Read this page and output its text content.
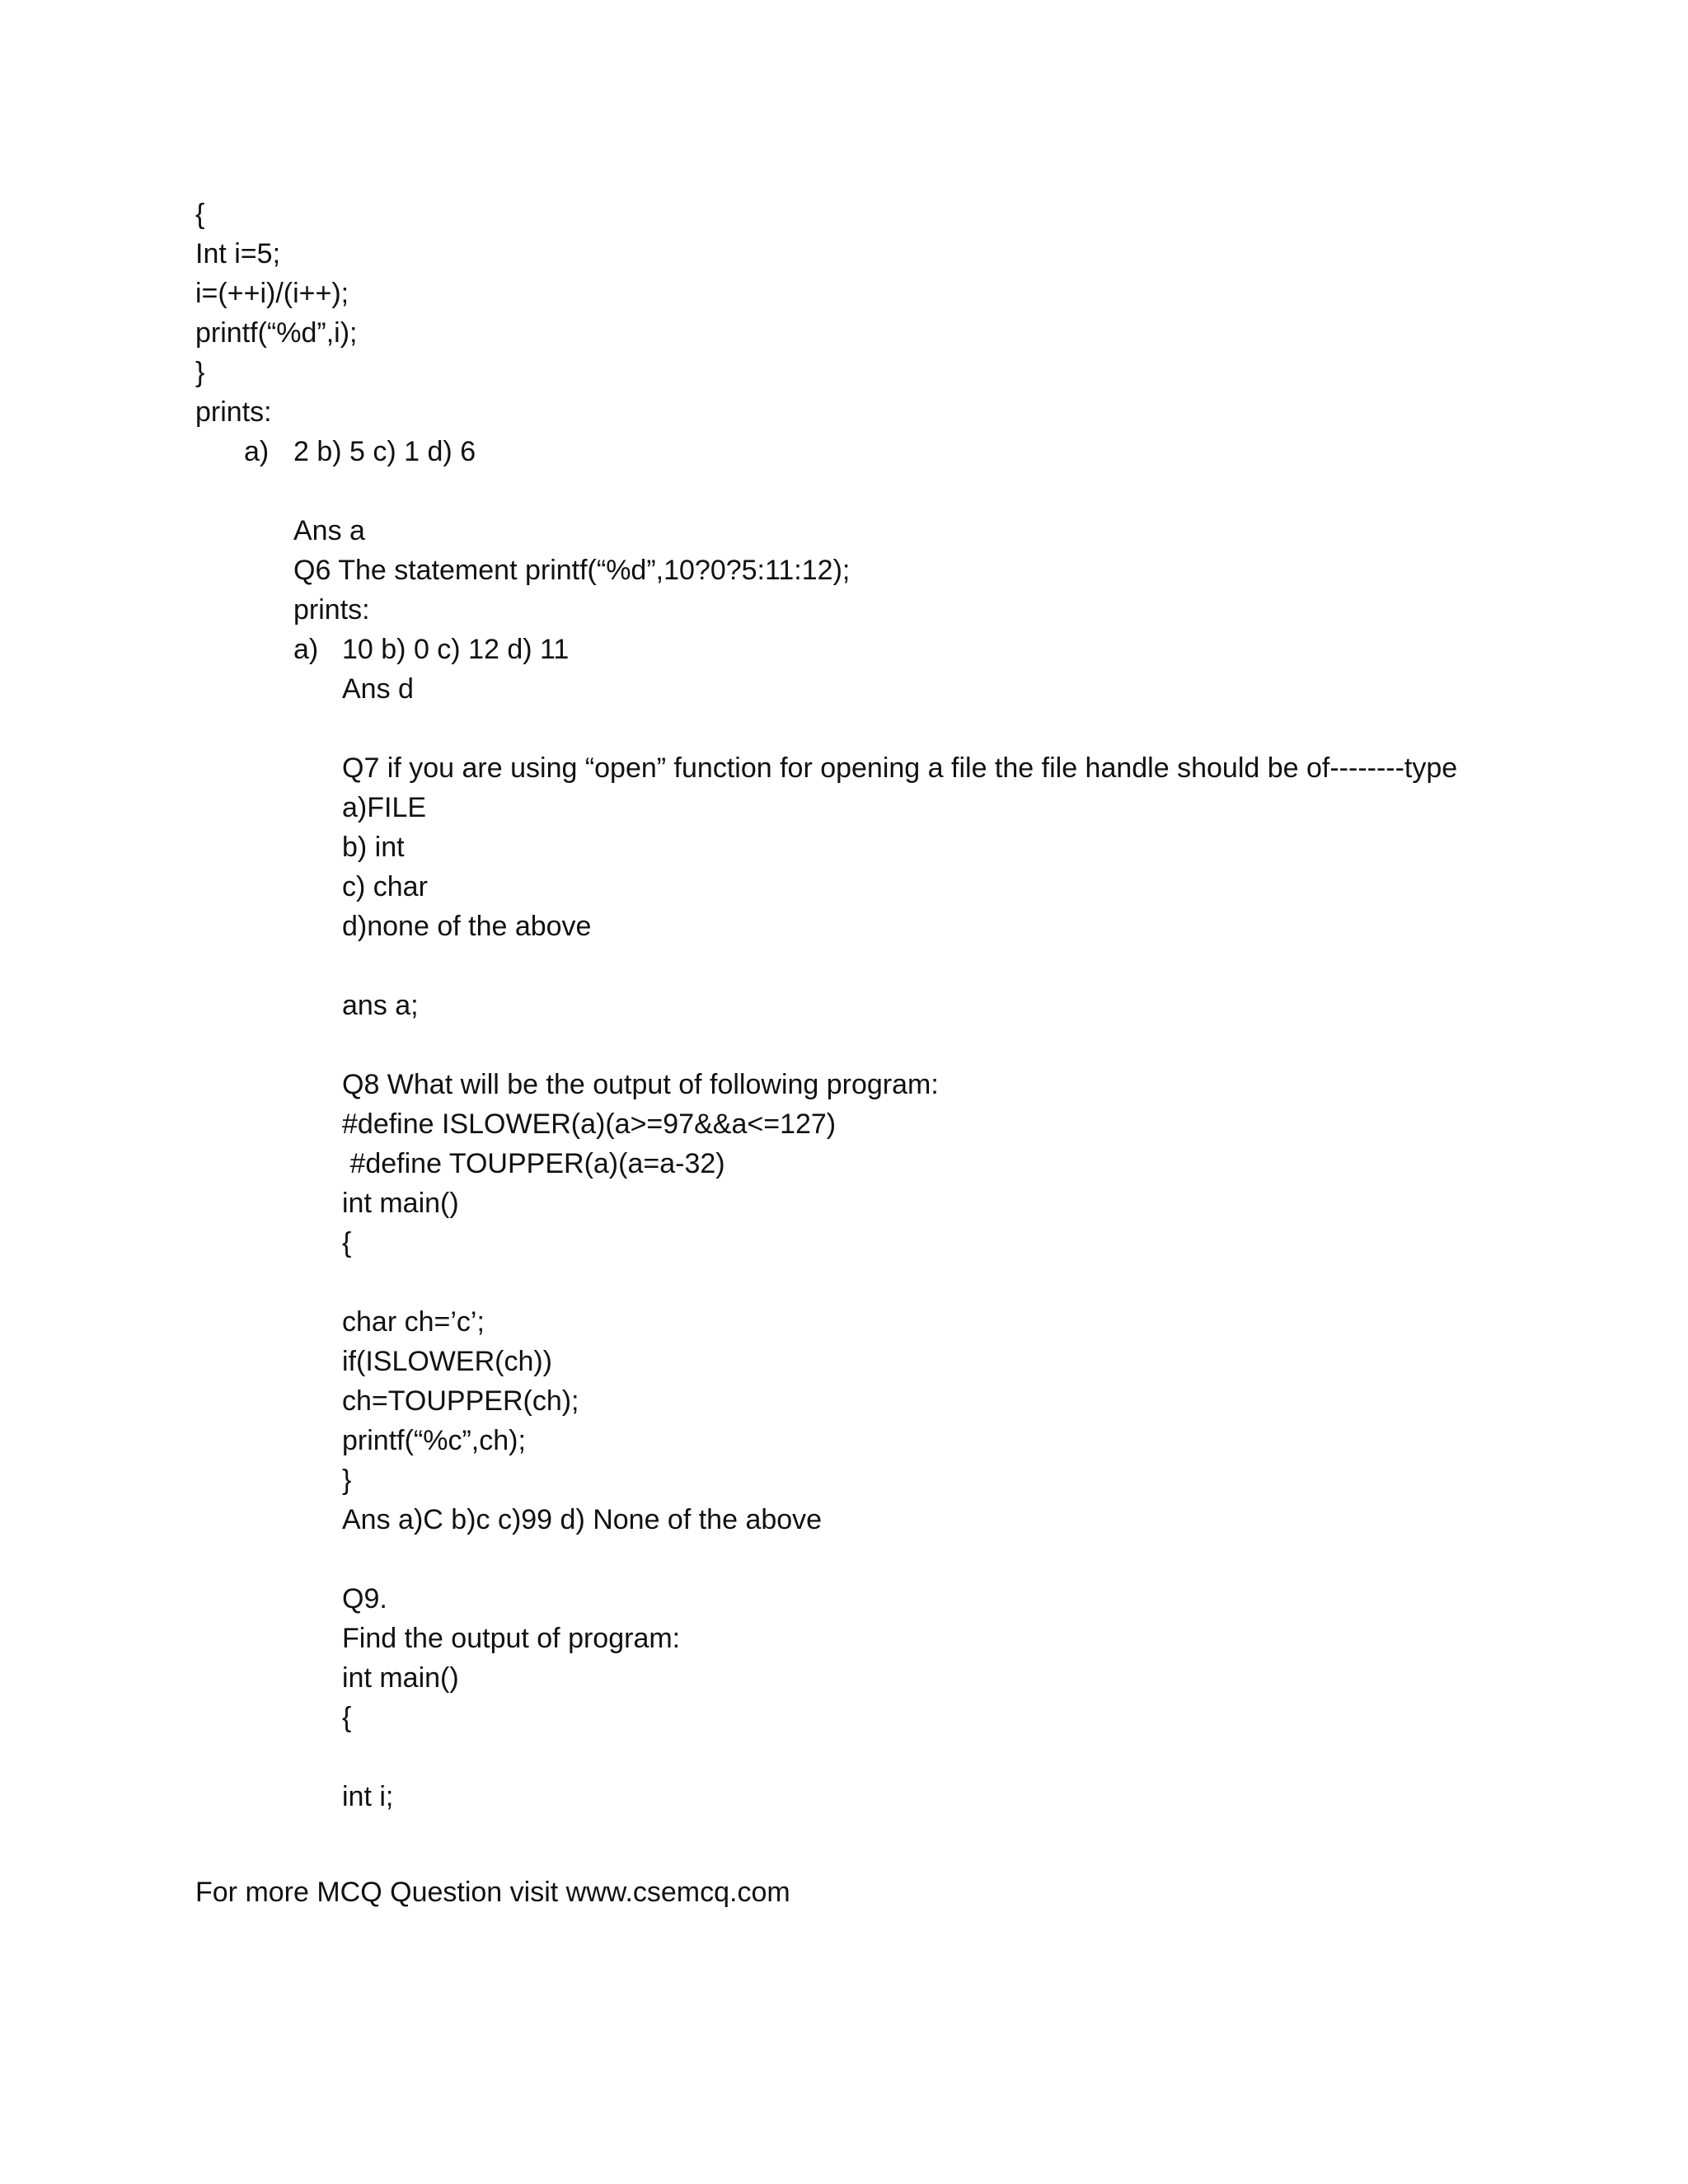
{
Int i=5;
i=(++i)/(i++);
printf(“%d”,i);
}
prints:
a) 2 b) 5 c) 1 d) 6
Ans a
Q6 The statement printf(“%d”,10?0?5:11:12);
prints:
a) 10 b) 0 c) 12 d) 11
Ans d
Q7 if you are using “open” function for opening a file the file handle should be of--------type
a)FILE
b) int
c) char
d)none of the above
ans a;
Q8 What will be the output of following program:
#define ISLOWER(a)(a>=97&&a<=127)
#define TOUPPER(a)(a=a-32)
int main()
{
char ch=’c’;
if(ISLOWER(ch))
ch=TOUPPER(ch);
printf(“%c”,ch);
}
Ans a)C b)c c)99 d) None of the above
Q9.
Find the output of program:
int main()
{
int i;
For more MCQ Question visit www.csemcq.com
